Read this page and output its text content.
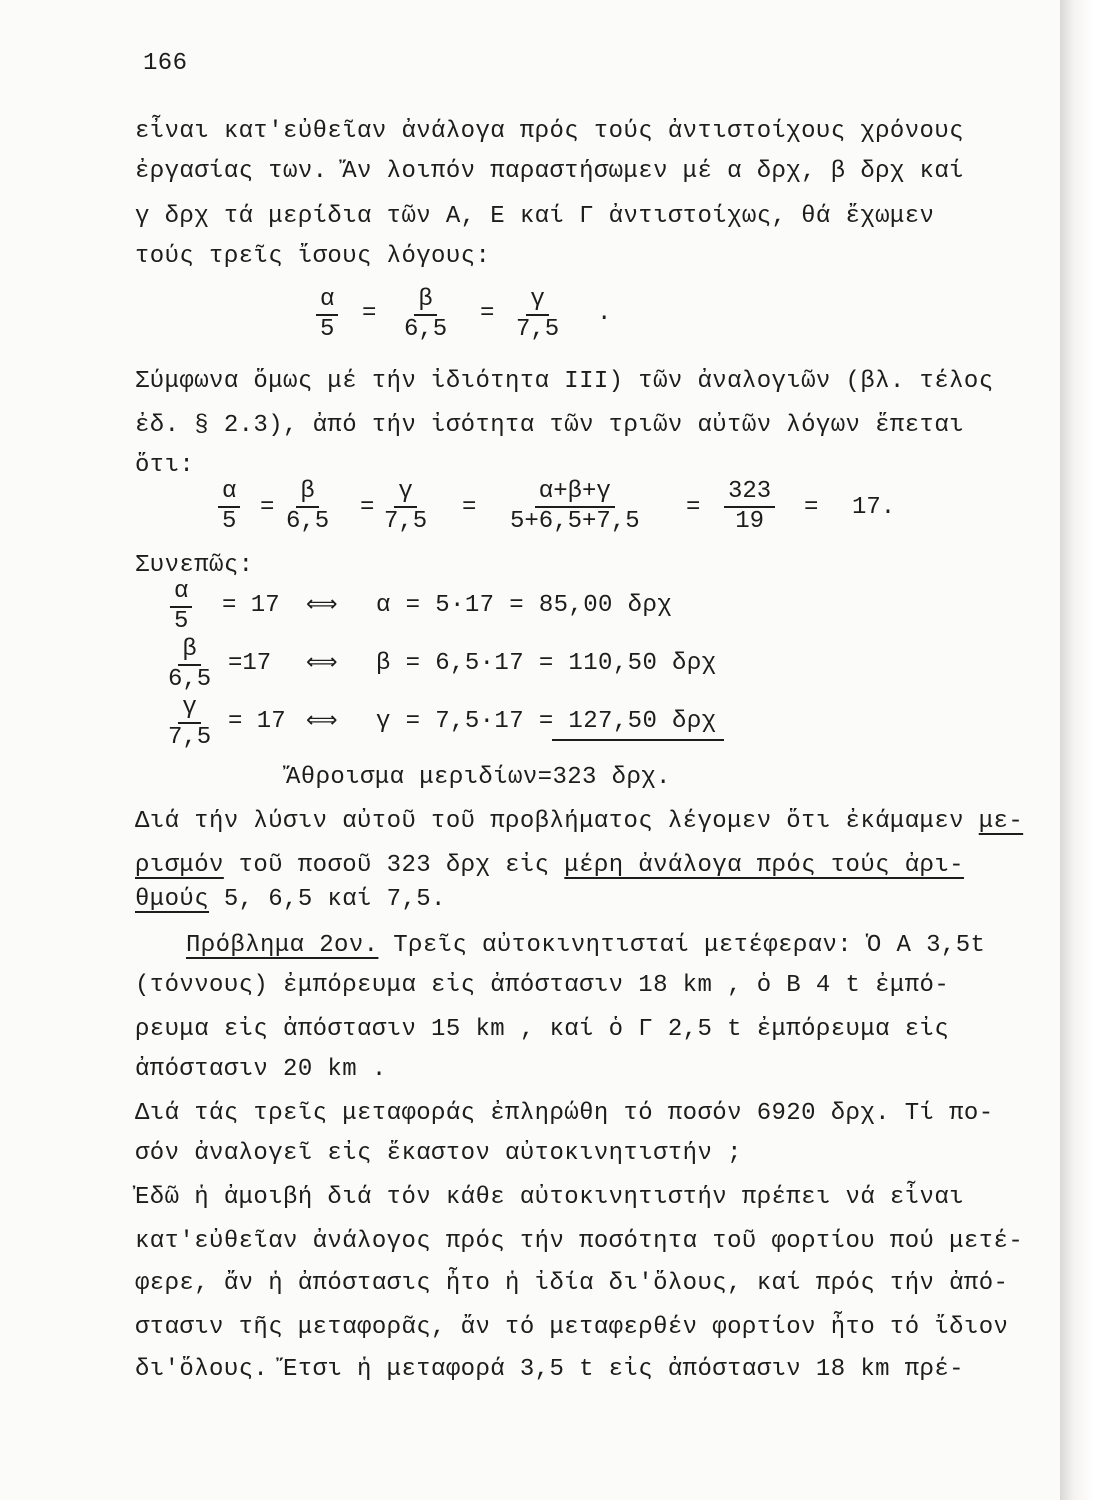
166
εἶναι κατ'εὐθεῖαν ἀνάλογα πρός τούς ἀντιστοίχους χρόνους
ἐργασίας των. Ἄν λοιπόν παραστήσωμεν μέ α δρχ, β δρχ καί
γ δρχ τά μερίδια τῶν Α, Ε καί Γ ἀντιστοίχως, θά ἔχωμεν
τούς τρεῖς ἴσους λόγους:
$\frac{\alpha}{5} = \frac{\beta}{6,5} = \frac{\gamma}{7,5}$ .
Σύμφωνα ὅμως μέ τήν ἰδιότητα III) τῶν ἀναλογιῶν (βλ. τέλος
ἐδ. § 2.3), ἀπό τήν ἰσότητα τῶν τριῶν αὐτῶν λόγων ἕπεται
ὅτι:
$\frac{\alpha}{5} = \frac{\beta}{6,5} = \frac{\gamma}{7,5} = \frac{\alpha+\beta+\gamma}{5+6,5+7,5} = \frac{323}{19} = 17$.
Συνεπῶς:
$\frac{\alpha}{5} = 17$ ⟺ α = 5·17 = 85,00 δρχ
$\frac{\beta}{6,5} =17$ ⟺ β = 6,5·17 = 110,50 δρχ
$\frac{\gamma}{7,5} = 17$ ⟺ γ = 7,5·17 = 127,50 δρχ
Ἄθροισμα μεριδίων=323 δρχ.
Διά τήν λύσιν αὐτοῦ τοῦ προβλήματος λέγομεν ὅτι ἐκάμαμεν με-
ρισμόν τοῦ ποσοῦ 323 δρχ εἰς μέρη ἀνάλογα πρός τούς ἀρι-
θμούς 5, 6,5 καί 7,5.
Πρόβλημα 2ον. Τρεῖς αὐτοκινητισταί μετέφεραν: Ὁ Α 3,5t
(τόννους) ἐμπόρευμα εἰς ἀπόστασιν 18 km , ὁ Β 4 t ἐμπό-
ρευμα εἰς ἀπόστασιν 15 km , καί ὁ Γ 2,5 t ἐμπόρευμα εἰς
ἀπόστασιν 20 km .
Διά τάς τρεῖς μεταφοράς ἐπληρώθη τό ποσόν 6920 δρχ. Τί πο-
σόν ἀναλογεῖ εἰς ἕκαστον αὐτοκινητιστήν ;
Ἐδῶ ἡ ἀμοιβή διά τόν κάθε αὐτοκινητιστήν πρέπει νά εἶναι
κατ'εὐθεῖαν ἀνάλογος πρός τήν ποσότητα τοῦ φορτίου πού μετέ-
φερε, ἄν ἡ ἀπόστασις ἦτο ἡ ἰδία δι'ὅλους, καί πρός τήν ἀπό-
στασιν τῆς μεταφορᾶς, ἄν τό μεταφερθέν φορτίον ἦτο τό ἴδιον
δι'ὅλους. Ἔτσι ἡ μεταφορά 3,5 t εἰς ἀπόστασιν 18 km πρέ-
